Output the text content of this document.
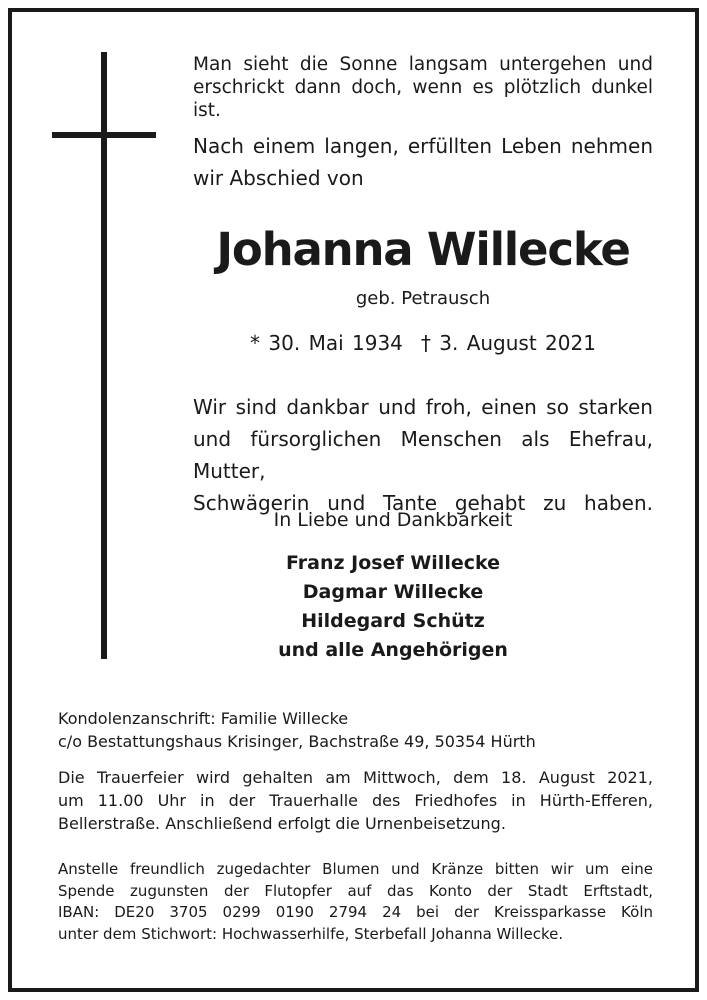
Man sieht die Sonne langsam untergehen und

erschrickt dann doch, wenn es plötzlich dunkel ist.

Nach einem langen, erfüllten Leben nehmen

wir Abschied von

Johanna Willecke
geb. Petrausch
* 30. Mai 1934 † 3. August 2021

Wir sind dankbar und froh, einen so starken

und fürsorglichen Menschen als Ehefrau, Mutter,

Schwägerin und Tante gehabt zu haben.

In Liebe und Dankbarkeit
Franz Josef Willecke
Dagmar Willecke
Hildegard Schütz
und alle Angehörigen

Kondolenzanschrift: Familie Willecke

c/o Bestattungshaus Krisinger, Bachstraße 49, 50354 Hürth

Die Trauerfeier wird gehalten am Mittwoch, dem 18. August 2021,
um 11.00 Uhr in der Trauerhalle des Friedhofes in Hürth-Efferen,
Bellerstraße. Anschließend erfolgt die Urnenbeisetzung.
Anstelle freundlich zugedachter Blumen und Kränze bitten wir um eine
Spende zugunsten der Flutopfer auf das Konto der Stadt Erftstadt,
IBAN: DE20 3705 0299 0190 2794 24 bei der Kreissparkasse Köln
unter dem Stichwort: Hochwasserhilfe, Sterbefall Johanna Willecke.
